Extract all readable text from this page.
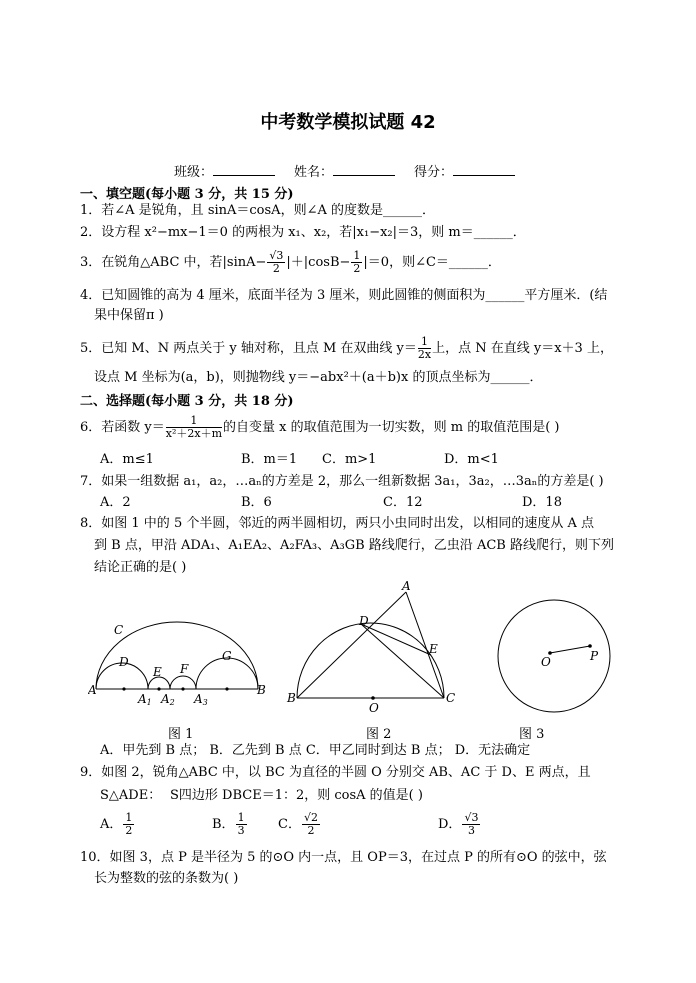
中考数学模拟试题 42
班级：	姓名：	得分：
一、填空题(每小题 3 分，共 15 分)
1．若∠A 是锐角，且 sinA＝cosA，则∠A 的度数是______．
2．设方程 x²−mx−1＝0 的两根为 x₁、x₂，若|x₁−x₂|＝3，则 m＝______．
3．在锐角△ABC 中，若$|\sin A- \frac{√3}{2} |+|\cos B- \frac{1}{2} |=0$，则∠C＝______．
4．已知圆锥的高为 4 厘米，底面半径为 3 厘米，则此圆锥的侧面积为______平方厘米．(结
果中保留π )
5．已知 M、N 两点关于 y 轴对称，且点 M 在双曲线 $y= \frac{1}{2x}$ 上，点 N 在直线 y＝x＋3 上，
设点 M 坐标为(a，b)，则抛物线 y＝−abx²＋(a＋b)x 的顶点坐标为______．
二、选择题(每小题 3 分，共 18 分)
6．若函数 $y= \frac{1}{\text{x²＋2x＋m}}$ 的自变量 x 的取值范围为一切实数，则 m 的取值范围是( )
A．m≤1	B．m＝1 C．m>1	D．m<1
7．如果一组数据 a₁，a₂，…aₙ的方差是 2，那么一组新数据 3a₁，3a₂，…3aₙ的方差是( )
A．2	B．6	C．12	D．18
8．如图 1 中的 5 个半圆，邻近的两半圆相切，两只小虫同时出发，以相同的速度从 A 点
到 B 点，甲沿 ADA₁、A₁EA₂、A₂FA₃、A₃GB 路线爬行，乙虫沿 ACB 路线爬行，则下列
结论正确的是( )
A
A1 A2 A3
B
C
D
E F
G
A
B	C
D
E
O
O	P
图 1	图 2	图 3
A．甲先到 B 点； B．乙先到 B 点 C．甲乙同时到达 B 点； D．无法确定
9．如图 2，锐角△ABC 中，以 BC 为直径的半圆 O 分别交 AB、AC 于 D、E 两点，且
S△ADE： S四边形 DBCE＝1：2，则 cosA 的值是( )
A． $\frac{1}{2}$	B． $\frac{1}{3}$ C． $\frac{√2}{2}$	D． $\frac{√3}{3}$
10．如图 3，点 P 是半径为 5 的⊙O 内一点，且 OP＝3，在过点 P 的所有⊙O 的弦中，弦
长为整数的弦的条数为( )
